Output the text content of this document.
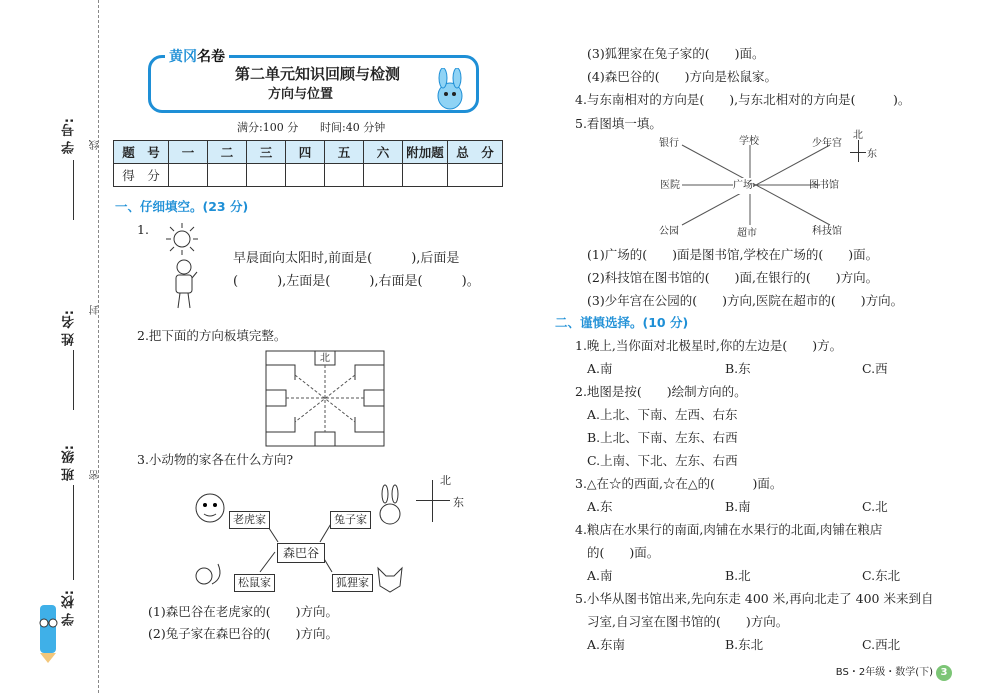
学 号:
姓 名:
班 级:
学 校:
线
封
密
黄冈名卷
第二单元知识回顾与检测
方向与位置
满分:100 分 时间:40 分钟
题　号	一	二	三	四	五	六	附加题	总　分
得　分								
一、仔细填空。(23 分)
1.
早晨面向太阳时,前面是(　　　),后面是
(　　　),左面是(　　　),右面是(　　　)。
2.把下面的方向板填完整。
北
3.小动物的家各在什么方向?
老虎家	兔子家
森巴谷
松鼠家	狐狸家
北
东
(1)森巴谷在老虎家的(　　)方向。
(2)兔子家在森巴谷的(　　)方向。
(3)狐狸家在兔子家的(　　)面。
(4)森巴谷的(　　)方向是松鼠家。
4.与东南相对的方向是(　　),与东北相对的方向是(　　　)。
5.看图填一填。
银行	学校	少年宫
医院	广场	图书馆
公园	超市	科技馆
北
东
(1)广场的(　　)面是图书馆,学校在广场的(　　)面。
(2)科技馆在图书馆的(　　)面,在银行的(　　)方向。
(3)少年宫在公园的(　　)方向,医院在超市的(　　)方向。
二、谨慎选择。(10 分)
1.晚上,当你面对北极星时,你的左边是(　　)方。
A.南	B.东	C.西
2.地图是按(　　)绘制方向的。
A.上北、下南、左西、右东
B.上北、下南、左东、右西
C.上南、下北、左东、右西
3.△在☆的西面,☆在△的(　　　)面。
A.东	B.南	C.北
4.粮店在水果行的南面,肉铺在水果行的北面,肉铺在粮店
的(　　)面。
A.南	B.北	C.东北
5.小华从图书馆出来,先向东走 400 米,再向北走了 400 米来到自
习室,自习室在图书馆的(　　)方向。
A.东南	B.东北	C.西北
BS・2年级・数学(下) 3
